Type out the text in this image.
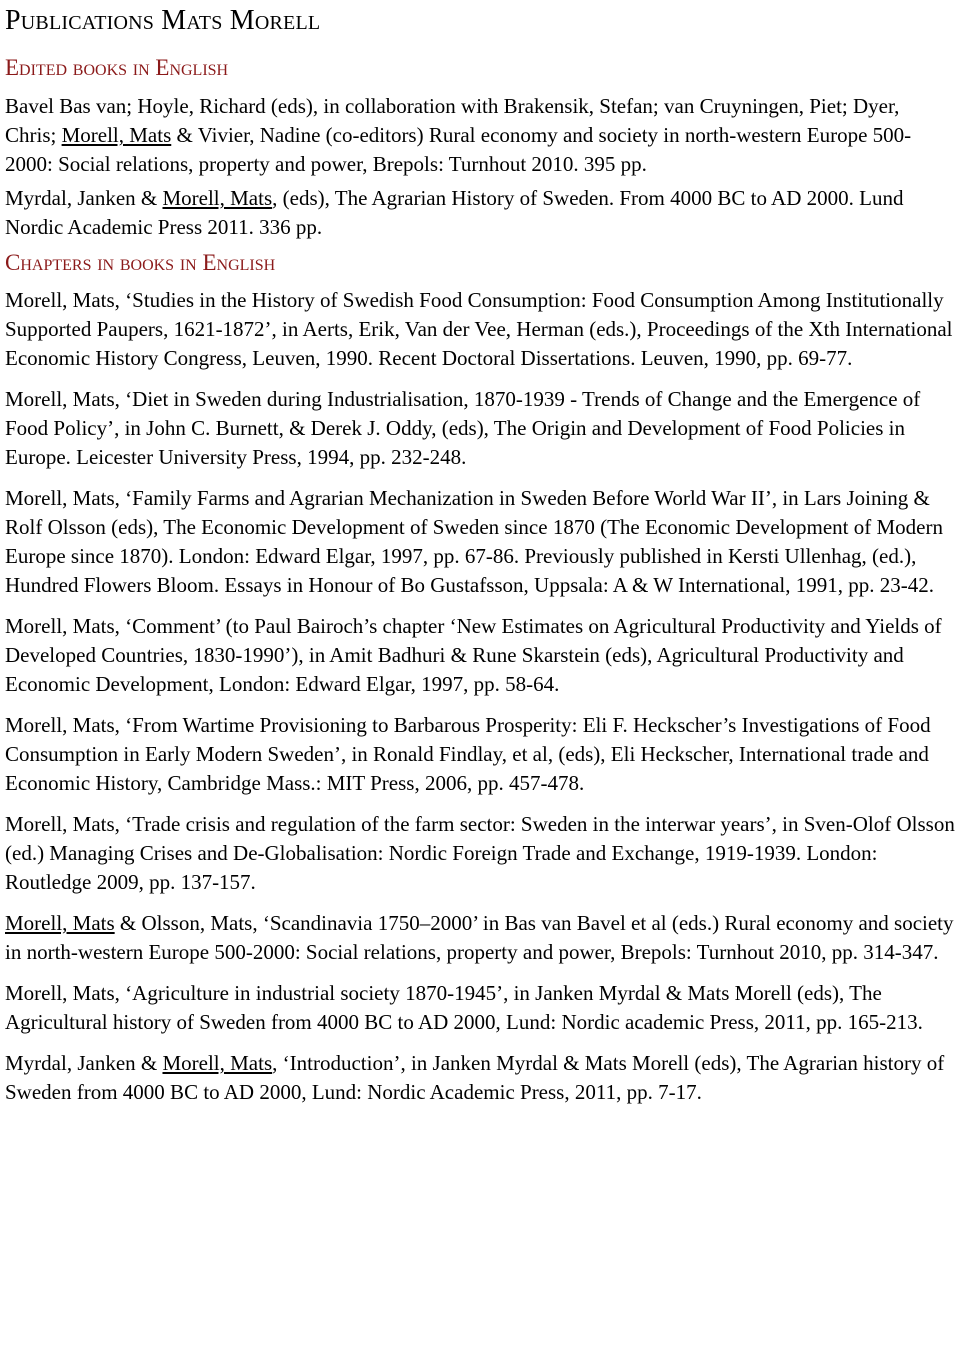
Publications Mats Morell
Edited books in English

Bavel Bas van; Hoyle, Richard (eds), in collaboration with Brakensik, Stefan; van Cruyningen, Piet; Dyer, Chris; Morell, Mats & Vivier, Nadine (co-editors) Rural economy and society in north-western Europe 500-2000: Social relations, property and power, Brepols: Turnhout 2010. 395 pp.

Myrdal, Janken & Morell, Mats, (eds), The Agrarian History of Sweden. From 4000 BC to AD 2000. Lund Nordic Academic Press 2011. 336 pp.

Chapters in books in English

Morell, Mats, ‘Studies in the History of Swedish Food Consumption: Food Consumption Among Institutionally Supported Paupers, 1621-1872’, in Aerts, Erik, Van der Vee, Herman (eds.), Proceedings of the Xth International Economic History Congress, Leuven, 1990. Recent Doctoral Dissertations. Leuven, 1990, pp. 69-77.

Morell, Mats, ‘Diet in Sweden during Industrialisation, 1870-1939 - Trends of Change and the Emergence of Food Policy’, in John C. Burnett, & Derek J. Oddy, (eds), The Origin and Development of Food Policies in Europe. Leicester University Press, 1994, pp. 232-248.

Morell, Mats, ‘Family Farms and Agrarian Mechanization in Sweden Before World War II’, in Lars Joining & Rolf Olsson (eds), The Economic Development of Sweden since 1870 (The Economic Development of Modern Europe since 1870). London: Edward Elgar, 1997, pp. 67-86. Previously published in Kersti Ullenhag, (ed.), Hundred Flowers Bloom. Essays in Honour of Bo Gustafsson, Uppsala: A & W International, 1991, pp. 23-42.

Morell, Mats, ‘Comment’ (to Paul Bairoch’s chapter ‘New Estimates on Agricultural Productivity and Yields of Developed Countries, 1830-1990’), in Amit Badhuri & Rune Skarstein (eds), Agricultural Productivity and Economic Development, London: Edward Elgar, 1997, pp. 58-64.

Morell, Mats, ‘From Wartime Provisioning to Barbarous Prosperity: Eli F. Heckscher’s Investigations of Food Consumption in Early Modern Sweden’, in Ronald Findlay, et al, (eds), Eli Heckscher, International trade and Economic History, Cambridge Mass.: MIT Press, 2006, pp. 457-478.

Morell, Mats, ‘Trade crisis and regulation of the farm sector: Sweden in the interwar years’, in Sven-Olof Olsson (ed.) Managing Crises and De-Globalisation: Nordic Foreign Trade and Exchange, 1919-1939. London: Routledge 2009, pp. 137-157.

Morell, Mats & Olsson, Mats, ‘Scandinavia 1750–2000’ in Bas van Bavel et al (eds.) Rural economy and society in north-western Europe 500-2000: Social relations, property and power, Brepols: Turnhout 2010, pp. 314-347.

Morell, Mats, ‘Agriculture in industrial society 1870-1945’, in Janken Myrdal & Mats Morell (eds), The Agricultural history of Sweden from 4000 BC to AD 2000, Lund: Nordic academic Press, 2011, pp. 165-213.

Myrdal, Janken & Morell, Mats, ‘Introduction’, in Janken Myrdal & Mats Morell (eds), The Agrarian history of Sweden from 4000 BC to AD 2000, Lund: Nordic Academic Press, 2011, pp. 7-17.
